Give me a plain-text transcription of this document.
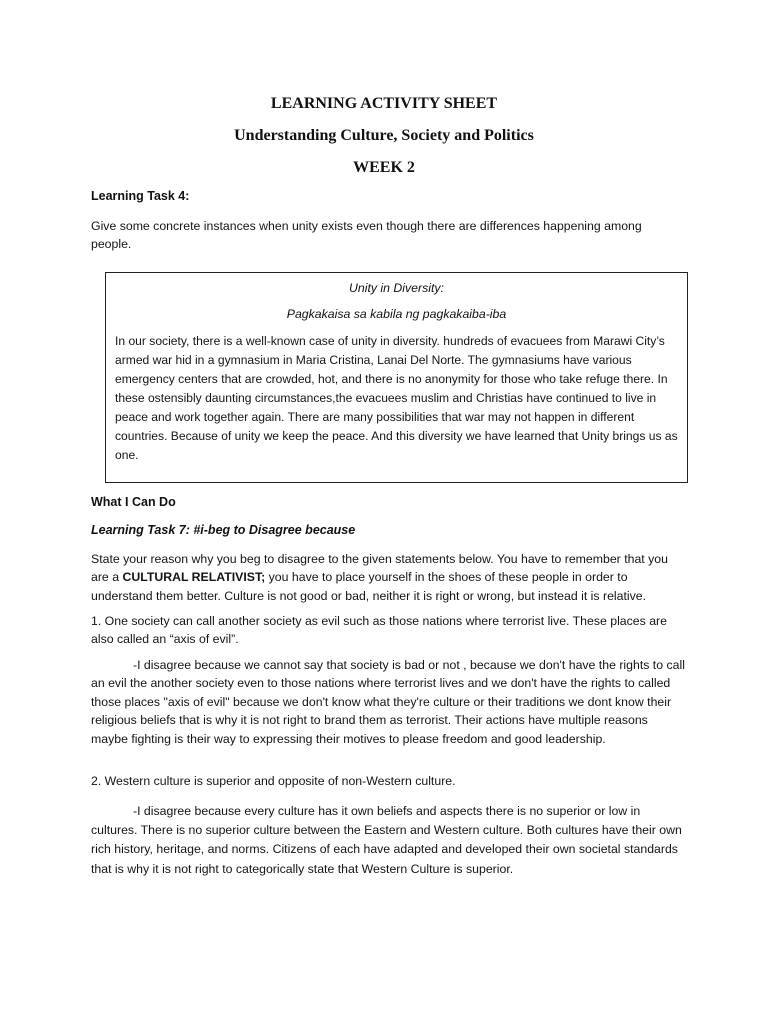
LEARNING ACTIVITY SHEET
Understanding Culture, Society and Politics
WEEK 2
Learning Task 4:
Give some concrete instances when unity exists even though there are differences happening among people.
Unity in Diversity:
Pagkakaisa sa kabila ng pagkakaiba-iba
In our society, there is a well-known case of unity in diversity. hundreds of evacuees from Marawi City’s armed war hid in a gymnasium in Maria Cristina, Lanai Del Norte. The gymnasiums have various emergency centers that are crowded, hot, and there is no anonymity for those who take refuge there. In these ostensibly daunting circumstances,the evacuees muslim and Christias have continued to live in peace and work together again. There are many possibilities that war may not happen in different countries. Because of unity we keep the peace. And this diversity we have learned that Unity brings us as one.
What I Can Do
Learning Task 7: #i-beg to Disagree because
State your reason why you beg to disagree to the given statements below. You have to remember that you are a CULTURAL RELATIVIST; you have to place yourself in the shoes of these people in order to understand them better. Culture is not good or bad, neither it is right or wrong, but instead it is relative.
1. One society can call another society as evil such as those nations where terrorist live. These places are also called an “axis of evil”.
-I disagree because we cannot say that society is bad or not , because we don't have the rights to call an evil the another society even to those nations where terrorist lives and we don't have the rights to called those places "axis of evil" because we don't know what they're culture or their traditions we dont know their religious beliefs that is why it is not right to brand them as terrorist. Their actions have multiple reasons maybe fighting is their way to expressing their motives to please freedom and good leadership.
2. Western culture is superior and opposite of non-Western culture.
-I disagree because every culture has it own beliefs and aspects there is no superior or low in cultures. There is no superior culture between the Eastern and Western culture. Both cultures have their own rich history, heritage, and norms. Citizens of each have adapted and developed their own societal standards that is why it is not right to categorically state that Western Culture is superior.
